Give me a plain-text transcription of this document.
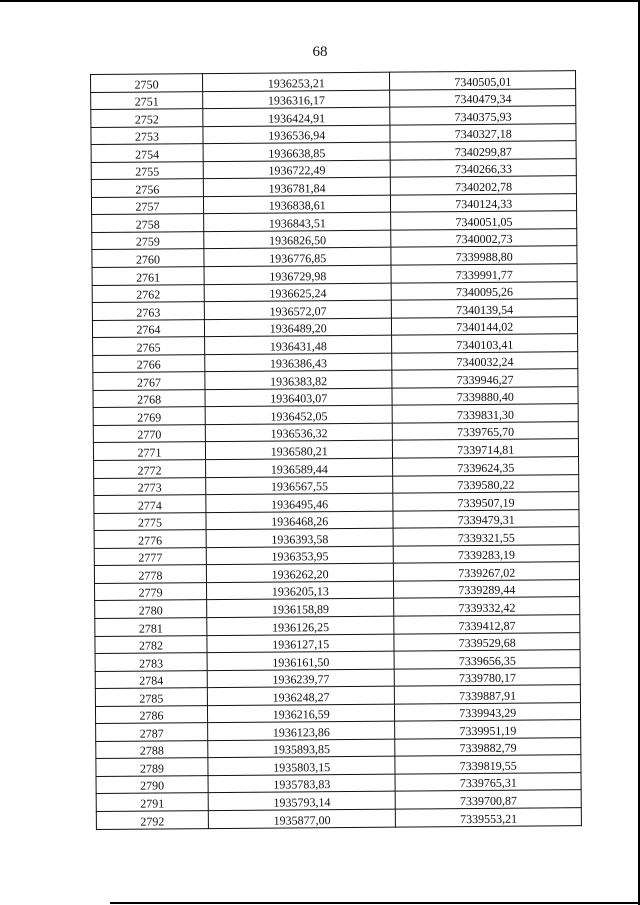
68
2750	1936253,21	7340505,01
2751	1936316,17	7340479,34
2752	1936424,91	7340375,93
2753	1936536,94	7340327,18
2754	1936638,85	7340299,87
2755	1936722,49	7340266,33
2756	1936781,84	7340202,78
2757	1936838,61	7340124,33
2758	1936843,51	7340051,05
2759	1936826,50	7340002,73
2760	1936776,85	7339988,80
2761	1936729,98	7339991,77
2762	1936625,24	7340095,26
2763	1936572,07	7340139,54
2764	1936489,20	7340144,02
2765	1936431,48	7340103,41
2766	1936386,43	7340032,24
2767	1936383,82	7339946,27
2768	1936403,07	7339880,40
2769	1936452,05	7339831,30
2770	1936536,32	7339765,70
2771	1936580,21	7339714,81
2772	1936589,44	7339624,35
2773	1936567,55	7339580,22
2774	1936495,46	7339507,19
2775	1936468,26	7339479,31
2776	1936393,58	7339321,55
2777	1936353,95	7339283,19
2778	1936262,20	7339267,02
2779	1936205,13	7339289,44
2780	1936158,89	7339332,42
2781	1936126,25	7339412,87
2782	1936127,15	7339529,68
2783	1936161,50	7339656,35
2784	1936239,77	7339780,17
2785	1936248,27	7339887,91
2786	1936216,59	7339943,29
2787	1936123,86	7339951,19
2788	1935893,85	7339882,79
2789	1935803,15	7339819,55
2790	1935783,83	7339765,31
2791	1935793,14	7339700,87
2792	1935877,00	7339553,21
